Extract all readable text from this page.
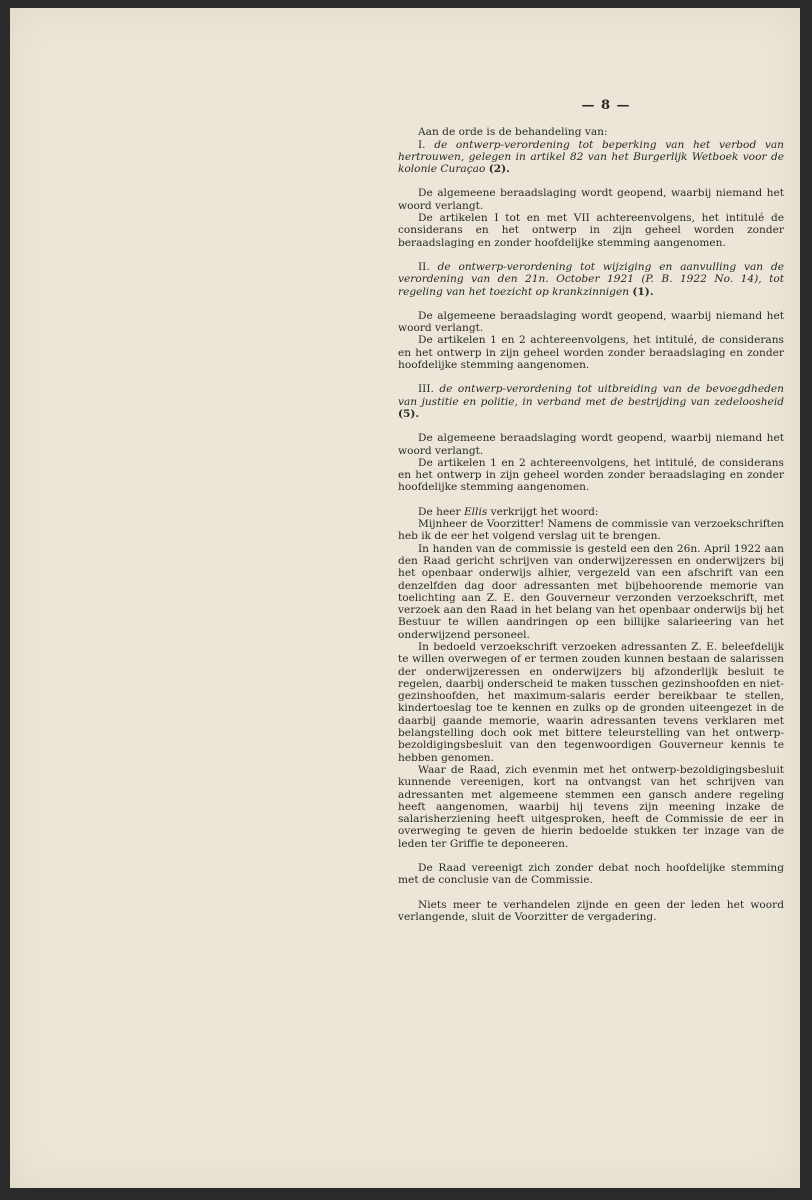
— 8 —

Aan de orde is de behandeling van:

I. de ontwerp-verordening tot beperking van het verbod van hertrouwen, gelegen in artikel 82 van het Burgerlijk Wetboek voor de kolonie Curaçao (2).

De algemeene beraadslaging wordt geopend, waarbij niemand het woord verlangt.

De artikelen I tot en met VII achtereenvolgens, het intitulé de considerans en het ontwerp in zijn geheel worden zonder beraadslaging en zonder hoofdelijke stemming aangenomen.

II. de ontwerp-verordening tot wijziging en aanvulling van de verordening van den 21n. October 1921 (P. B. 1922 No. 14), tot regeling van het toezicht op krankzinnigen (1).

De algemeene beraadslaging wordt geopend, waarbij niemand het woord verlangt.

De artikelen 1 en 2 achtereenvolgens, het intitulé, de considerans en het ontwerp in zijn geheel worden zonder beraadslaging en zonder hoofdelijke stemming aangenomen.

III. de ontwerp-verordening tot uitbreiding van de bevoegdheden van justitie en politie, in verband met de bestrijding van zedeloosheid (5).

De algemeene beraadslaging wordt geopend, waarbij niemand het woord verlangt.

De artikelen 1 en 2 achtereenvolgens, het intitulé, de considerans en het ontwerp in zijn geheel worden zonder beraadslaging en zonder hoofdelijke stemming aangenomen.

De heer Ellis verkrijgt het woord:

Mijnheer de Voorzitter! Namens de commissie van verzoekschriften heb ik de eer het volgend verslag uit te brengen.

In handen van de commissie is gesteld een den 26n. April 1922 aan den Raad gericht schrijven van onderwijzeressen en onderwijzers bij het openbaar onderwijs alhier, vergezeld van een afschrift van een denzelfden dag door adressanten met bijbehoorende memorie van toelichting aan Z. E. den Gouverneur verzonden verzoekschrift, met verzoek aan den Raad in het belang van het openbaar onderwijs bij het Bestuur te willen aandringen op een billijke salarieering van het onderwijzend personeel.

In bedoeld verzoekschrift verzoeken adressanten Z. E. beleefdelijk te willen overwegen of er termen zouden kunnen bestaan de salarissen der onderwijzeressen en onderwijzers bij afzonderlijk besluit te regelen, daarbij onderscheid te maken tusschen gezinshoofden en niet-gezinshoofden, het maximum-salaris eerder bereikbaar te stellen, kindertoeslag toe te kennen en zulks op de gronden uiteengezet in de daarbij gaande memorie, waarin adressanten tevens verklaren met belangstelling doch ook met bittere teleurstelling van het ontwerp-bezoldigingsbesluit van den tegenwoordigen Gouverneur kennis te hebben genomen.

Waar de Raad, zich evenmin met het ontwerp-bezoldigingsbesluit kunnende vereenigen, kort na ontvangst van het schrijven van adressanten met algemeene stemmen een gansch andere regeling heeft aangenomen, waarbij hij tevens zijn meening inzake de salarisherziening heeft uitgesproken, heeft de Commissie de eer in overweging te geven de hierin bedoelde stukken ter inzage van de leden ter Griffie te deponeeren.

De Raad vereenigt zich zonder debat noch hoofdelijke stemming met de conclusie van de Commissie.

Niets meer te verhandelen zijnde en geen der leden het woord verlangende, sluit de Voorzitter de vergadering.
